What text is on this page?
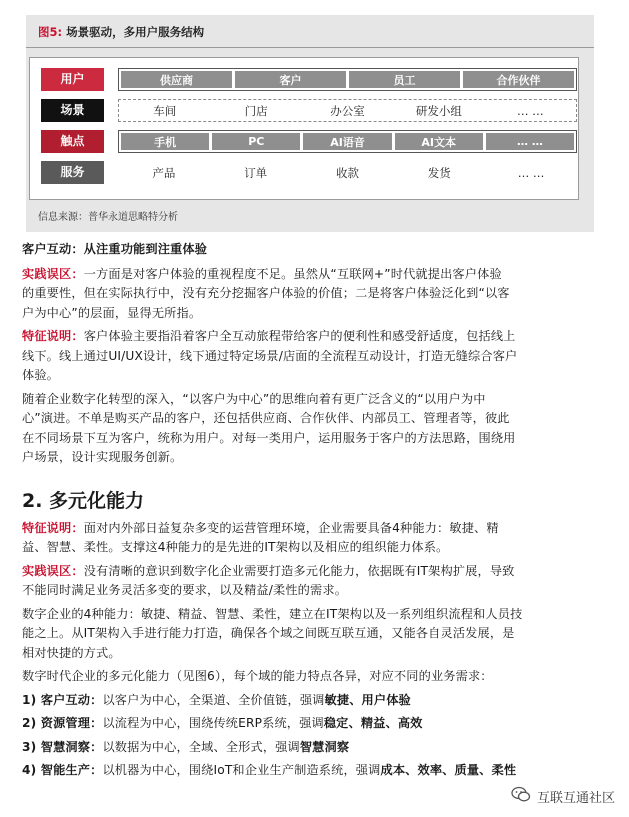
图5: 场景驱动，多用户服务结构
用户	供应商	客户	员工	合作伙伴
场景	车间	门店	办公室	研发小组	… …
触点	手机	PC	AI语音	AI文本	… …
服务	产品	订单	收款	发货	… …
信息来源：普华永道思略特分析

客户互动：从注重功能到注重体验

实践误区：一方面是对客户体验的重视程度不足。虽然从“互联网+”时代就提出客户体验
的重要性，但在实际执行中，没有充分挖掘客户体验的价值；二是将客户体验泛化到“以客
户为中心”的层面，显得无所指。

特征说明：客户体验主要指沿着客户全互动旅程带给客户的便利性和感受舒适度，包括线上
线下。线上通过UI/UX设计，线下通过特定场景/店面的全流程互动设计，打造无缝综合客户
体验。

随着企业数字化转型的深入，“以客户为中心”的思维向着有更广泛含义的“以用户为中
心”演进。不单是购买产品的客户，还包括供应商、合作伙伴、内部员工、管理者等，彼此
在不同场景下互为客户，统称为用户。对每一类用户，运用服务于客户的方法思路，围绕用
户场景，设计实现服务创新。

2. 多元化能力

特征说明：面对内外部日益复杂多变的运营管理环境，企业需要具备4种能力：敏捷、精
益、智慧、柔性。支撑这4种能力的是先进的IT架构以及相应的组织能力体系。

实践误区：没有清晰的意识到数字化企业需要打造多元化能力，依据既有IT架构扩展，导致
不能同时满足业务灵活多变的要求，以及精益/柔性的需求。

数字企业的4种能力：敏捷、精益、智慧、柔性，建立在IT架构以及一系列组织流程和人员技
能之上。从IT架构入手进行能力打造，确保各个域之间既互联互通，又能各自灵活发展，是
相对快捷的方式。

数字时代企业的多元化能力（见图6），每个域的能力特点各异，对应不同的业务需求：

1) 客户互动：以客户为中心，全渠道、全价值链，强调敏捷、用户体验

2) 资源管理：以流程为中心，围绕传统ERP系统，强调稳定、精益、高效

3) 智慧洞察：以数据为中心，全域、全形式，强调智慧洞察

4) 智能生产：以机器为中心，围绕IoT和企业生产制造系统，强调成本、效率、质量、柔性

互联互通社区
